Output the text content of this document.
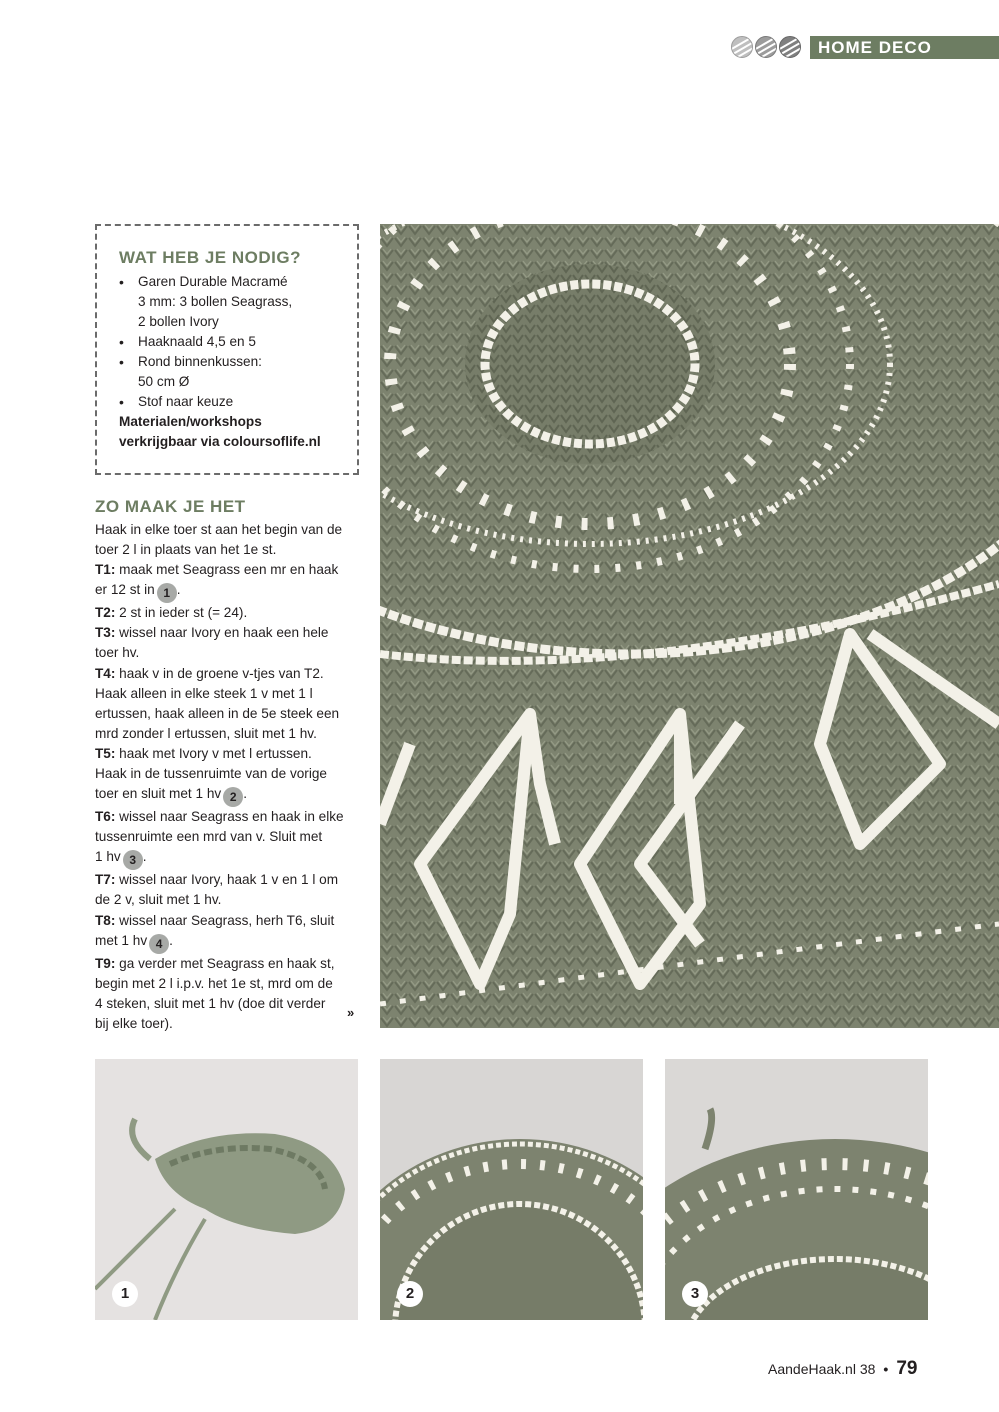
HOME DECO
WAT HEB JE NODIG?
• Garen Durable Macramé
3 mm: 3 bollen Seagrass,
2 bollen Ivory
• Haaknaald 4,5 en 5
• Rond binnenkussen:
50 cm Ø
• Stof naar keuze
Materialen/workshops
verkrijgbaar via coloursoflife.nl
ZO MAAK JE HET

Haak in elke toer st aan het begin van de
toer 2 l in plaats van het 1e st.

T1: maak met Seagrass een mr en haak
er 12 st in 1 .

T2: 2 st in ieder st (= 24).

T3: wissel naar Ivory en haak een hele
toer hv.

T4: haak v in de groene v-tjes van T2.
Haak alleen in elke steek 1 v met 1 l
ertussen, haak alleen in de 5e steek een
mrd zonder l ertussen, sluit met 1 hv.

T5: haak met Ivory v met l ertussen.
Haak in de tussenruimte van de vorige
toer en sluit met 1 hv 2 .

T6: wissel naar Seagrass en haak in elke
tussenruimte een mrd van v. Sluit met
1 hv 3 .

T7: wissel naar Ivory, haak 1 v en 1 l om
de 2 v, sluit met 1 hv.

T8: wissel naar Seagrass, herh T6, sluit
met 1 hv 4 .

T9: ga verder met Seagrass en haak st,
begin met 2 l i.p.v. het 1e st, mrd om de
4 steken, sluit met 1 hv (doe dit verder
bij elke toer).

»
1	2	3
AandeHaak.nl 38 • 79
